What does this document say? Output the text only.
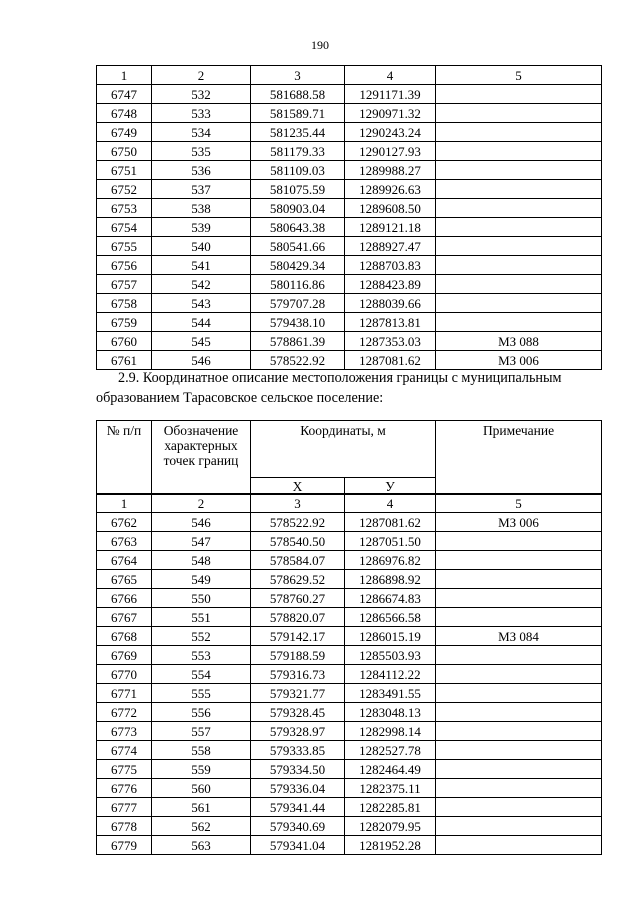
190
1	2	3	4	5
6747	532	581688.58	1291171.39	
6748	533	581589.71	1290971.32	
6749	534	581235.44	1290243.24	
6750	535	581179.33	1290127.93	
6751	536	581109.03	1289988.27	
6752	537	581075.59	1289926.63	
6753	538	580903.04	1289608.50	
6754	539	580643.38	1289121.18	
6755	540	580541.66	1288927.47	
6756	541	580429.34	1288703.83	
6757	542	580116.86	1288423.89	
6758	543	579707.28	1288039.66	
6759	544	579438.10	1287813.81	
6760	545	578861.39	1287353.03	МЗ 088
6761	546	578522.92	1287081.62	МЗ 006
2.9. Координатное описание местоположения границы с муниципальным
образованием Тарасовское сельское поселение:
№ п/п	Обозначение характерных точек границ	Координаты, м		Примечание
		Х	У	
1	2	3	4	5
6762	546	578522.92	1287081.62	МЗ 006
6763	547	578540.50	1287051.50	
6764	548	578584.07	1286976.82	
6765	549	578629.52	1286898.92	
6766	550	578760.27	1286674.83	
6767	551	578820.07	1286566.58	
6768	552	579142.17	1286015.19	МЗ 084
6769	553	579188.59	1285503.93	
6770	554	579316.73	1284112.22	
6771	555	579321.77	1283491.55	
6772	556	579328.45	1283048.13	
6773	557	579328.97	1282998.14	
6774	558	579333.85	1282527.78	
6775	559	579334.50	1282464.49	
6776	560	579336.04	1282375.11	
6777	561	579341.44	1282285.81	
6778	562	579340.69	1282079.95	
6779	563	579341.04	1281952.28	
